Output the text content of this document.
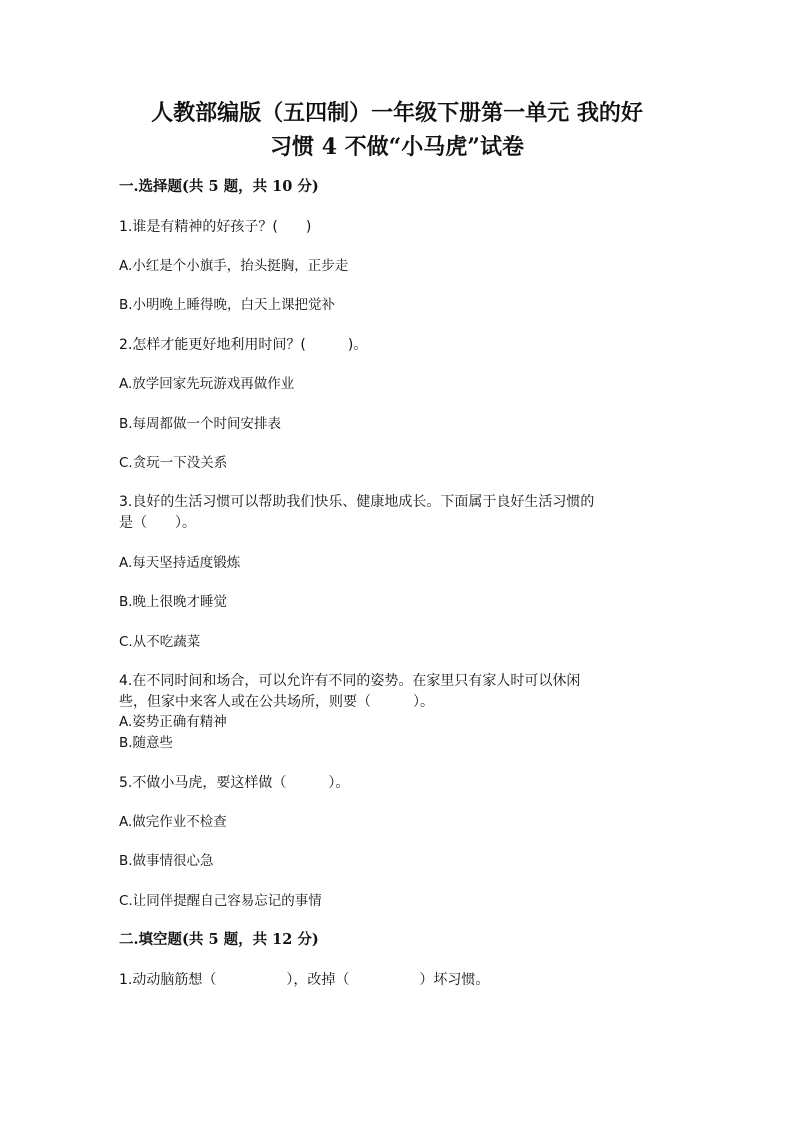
人教部编版（五四制）一年级下册第一单元 我的好
习惯 4 不做“小马虎”试卷
一.选择题(共 5 题，共 10 分)
1.谁是有精神的好孩子？(　　)
A.小红是个小旗手，抬头挺胸，正步走
B.小明晚上睡得晚，白天上课把觉补
2.怎样才能更好地利用时间？(　　　)。
A.放学回家先玩游戏再做作业
B.每周都做一个时间安排表
C.贪玩一下没关系
3.良好的生活习惯可以帮助我们快乐、健康地成长。下面属于良好生活习惯的
是（　　）。
A.每天坚持适度锻炼
B.晚上很晚才睡觉
C.从不吃蔬菜
4.在不同时间和场合，可以允许有不同的姿势。在家里只有家人时可以休闲
些，但家中来客人或在公共场所，则要（　　　）。
A.姿势正确有精神
B.随意些
5.不做小马虎，要这样做（　　　）。
A.做完作业不检查
B.做事情很心急
C.让同伴提醒自己容易忘记的事情
二.填空题(共 5 题，共 12 分)
1.动动脑筋想（　　　　　），改掉（　　　　　）坏习惯。
